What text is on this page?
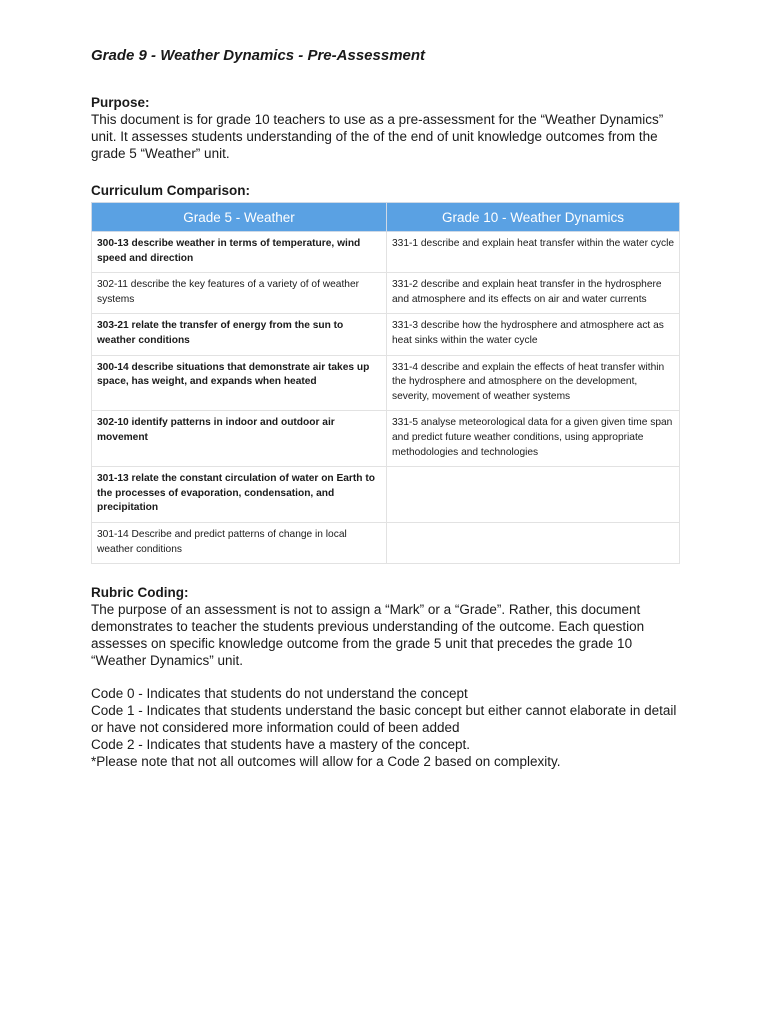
Grade 9 - Weather Dynamics - Pre-Assessment
Purpose:

This document is for grade 10 teachers to use as a pre-assessment for the “Weather Dynamics” unit. It assesses students understanding of the of the end of unit knowledge outcomes from the grade 5 “Weather” unit.

Curriculum Comparison:
Grade 5 - Weather	Grade 10 - Weather Dynamics
300-13 describe weather in terms of temperature, wind speed and direction	331-1 describe and explain heat transfer within the water cycle
302-11 describe the key features of a variety of of weather systems	331-2 describe and explain heat transfer in the hydrosphere and atmosphere and its effects on air and water currents
303-21 relate the transfer of energy from the sun to weather conditions	331-3 describe how the hydrosphere and atmosphere act as heat sinks within the water cycle
300-14 describe situations that demonstrate air takes up space, has weight, and expands when heated	331-4 describe and explain the effects of heat transfer within the hydrosphere and atmosphere on the development, severity, movement of weather systems
302-10 identify patterns in indoor and outdoor air movement	331-5 analyse meteorological data for a given given time span and predict future weather conditions, using appropriate methodologies and technologies
301-13 relate the constant circulation of water on Earth to the processes of evaporation, condensation, and precipitation	
301-14 Describe and predict patterns of change in local weather conditions	
Rubric Coding:

The purpose of an assessment is not to assign a “Mark” or a “Grade”. Rather, this document demonstrates to teacher the students previous understanding of the outcome. Each question assesses on specific knowledge outcome from the grade 5 unit that precedes the grade 10 “Weather Dynamics” unit.

Code 0 - Indicates that students do not understand the concept

Code 1 - Indicates that students understand the basic concept but either cannot elaborate in detail or have not considered more information could of been added

Code 2 - Indicates that students have a mastery of the concept.

*Please note that not all outcomes will allow for a Code 2 based on complexity.
